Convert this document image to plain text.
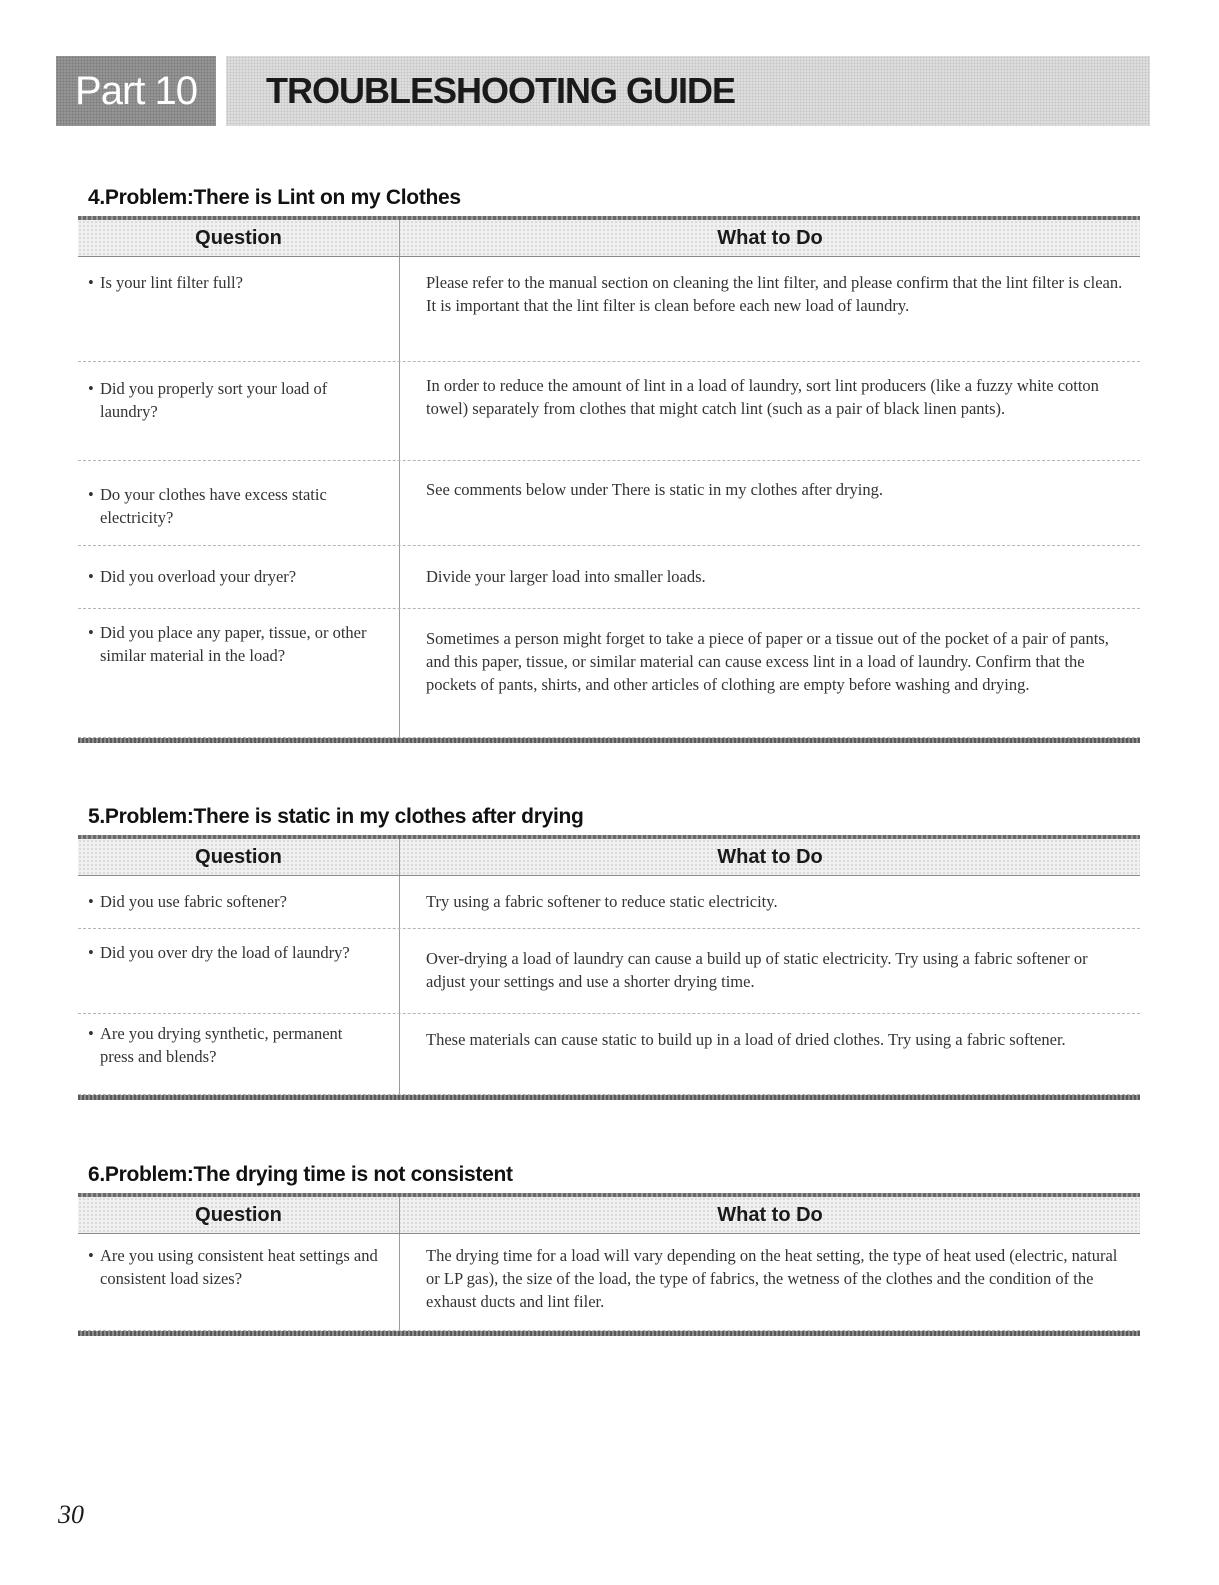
Part 10	TROUBLESHOOTING GUIDE
4.Problem:There is Lint on my Clothes
Question	What to Do
• Is your lint filter full?	Please refer to the manual section on cleaning the lint filter, and please confirm that the lint filter is clean. It is important that the lint filter is clean before each new load of laundry.
• Did you properly sort your load of laundry?
In order to reduce the amount of lint in a load of laundry, sort lint producers (like a fuzzy white cotton towel) separately from clothes that might catch lint (such as a pair of black linen pants).
• Do your clothes have excess static electricity?
See comments below under There is static in my clothes after drying.
• Did you overload your dryer?	Divide your larger load into smaller loads.
• Did you place any paper, tissue, or other similar material in the load?
Sometimes a person might forget to take a piece of paper or a tissue out of the pocket of a pair of pants, and this paper, tissue, or similar material can cause excess lint in a load of laundry. Confirm that the pockets of pants, shirts, and other articles of clothing are empty before washing and drying.
5.Problem:There is static in my clothes after drying
Question	What to Do
• Did you use fabric softener?	Try using a fabric softener to reduce static electricity.
• Did you over dry the load of laundry?	Over-drying a load of laundry can cause a build up of static electricity. Try using a fabric softener or adjust your settings and use a shorter drying time.
• Are you drying synthetic, permanent press and blends?
These materials can cause static to build up in a load of dried clothes. Try using a fabric softener.
6.Problem:The drying time is not consistent
Question	What to Do
• Are you using consistent heat settings and consistent load sizes?
The drying time for a load will vary depending on the heat setting, the type of heat used (electric, natural or LP gas), the size of the load, the type of fabrics, the wetness of the clothes and the condition of the exhaust ducts and lint filer.
30
